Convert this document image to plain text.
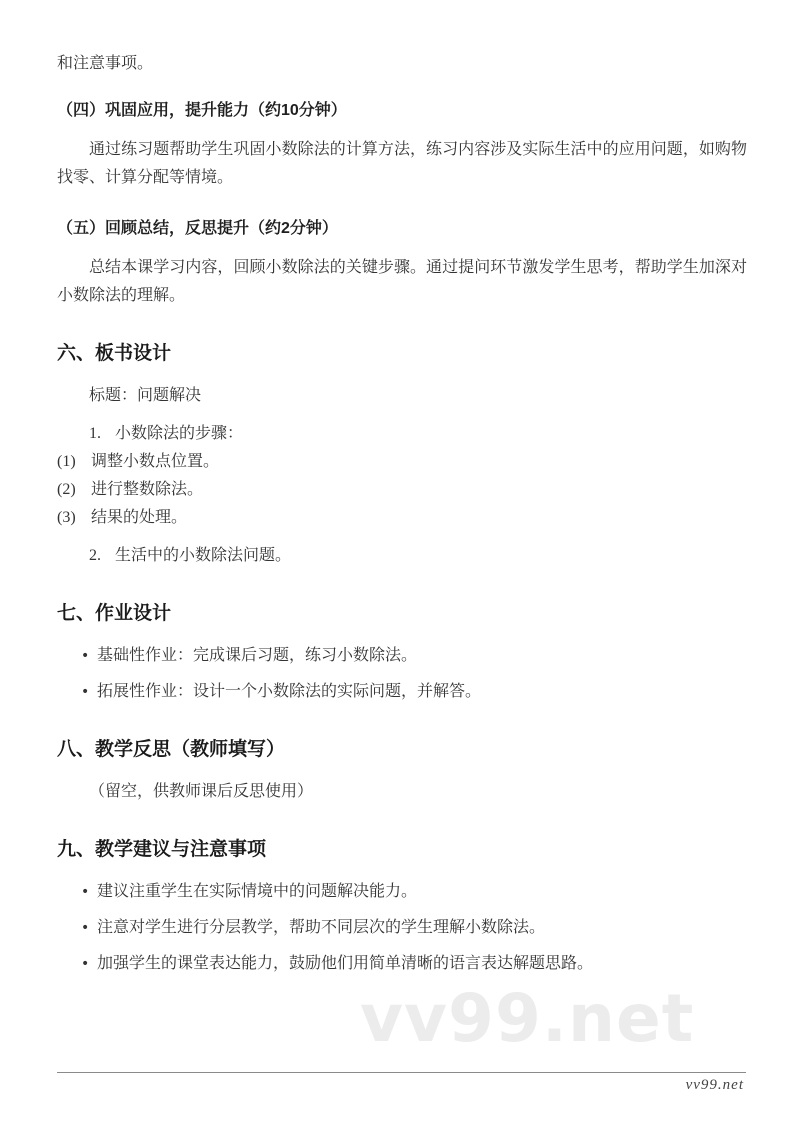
和注意事项。

（四）巩固应用，提升能力（约10分钟）

通过练习题帮助学生巩固小数除法的计算方法，练习内容涉及实际生活中的应用问题，如购物找零、计算分配等情境。

（五）回顾总结，反思提升（约2分钟）

总结本课学习内容，回顾小数除法的关键步骤。通过提问环节激发学生思考，帮助学生加深对小数除法的理解。

六、板书设计

标题：问题解决

1. 小数除法的步骤：
(1) 调整小数点位置。
(2) 进行整数除法。
(3) 结果的处理。
2. 生活中的小数除法问题。
七、作业设计
基础性作业：完成课后习题，练习小数除法。
拓展性作业：设计一个小数除法的实际问题，并解答。
八、教学反思（教师填写）

（留空，供教师课后反思使用）

九、教学建议与注意事项
建议注重学生在实际情境中的问题解决能力。
注意对学生进行分层教学，帮助不同层次的学生理解小数除法。
加强学生的课堂表达能力，鼓励他们用简单清晰的语言表达解题思路。
vv99.net
vv99.net
